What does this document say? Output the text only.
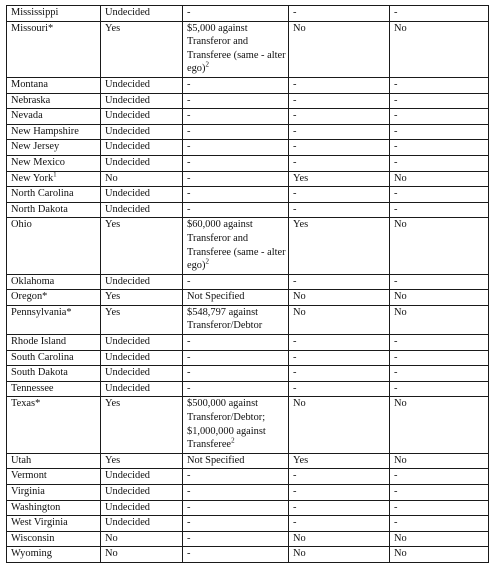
Mississippi	Undecided	-	-	-
Missouri*	Yes	$5,000 against Transferor and Transferee (same - alter ego)$^2$	No	No
Montana	Undecided	-	-	-
Nebraska	Undecided	-	-	-
Nevada	Undecided	-	-	-
New Hampshire	Undecided	-	-	-
New Jersey	Undecided	-	-	-
New Mexico	Undecided	-	-	-
New York$^1$	No	-	Yes	No
North Carolina	Undecided	-	-	-
North Dakota	Undecided	-	-	-
Ohio	Yes	$60,000 against Transferor and Transferee (same - alter ego)$^2$	Yes	No
Oklahoma	Undecided	-	-	-
Oregon*	Yes	Not Specified	No	No
Pennsylvania*	Yes	$548,797 against Transferor/Debtor	No	No
Rhode Island	Undecided	-	-	-
South Carolina	Undecided	-	-	-
South Dakota	Undecided	-	-	-
Tennessee	Undecided	-	-	-
Texas*	Yes	$500,000 against Transferor/Debtor; $1,000,000 against Transferee$^2$	No	No
Utah	Yes	Not Specified	Yes	No
Vermont	Undecided	-	-	-
Virginia	Undecided	-	-	-
Washington	Undecided	-	-	-
West Virginia	Undecided	-	-	-
Wisconsin	No	-	No	No
Wyoming	No	-	No	No
